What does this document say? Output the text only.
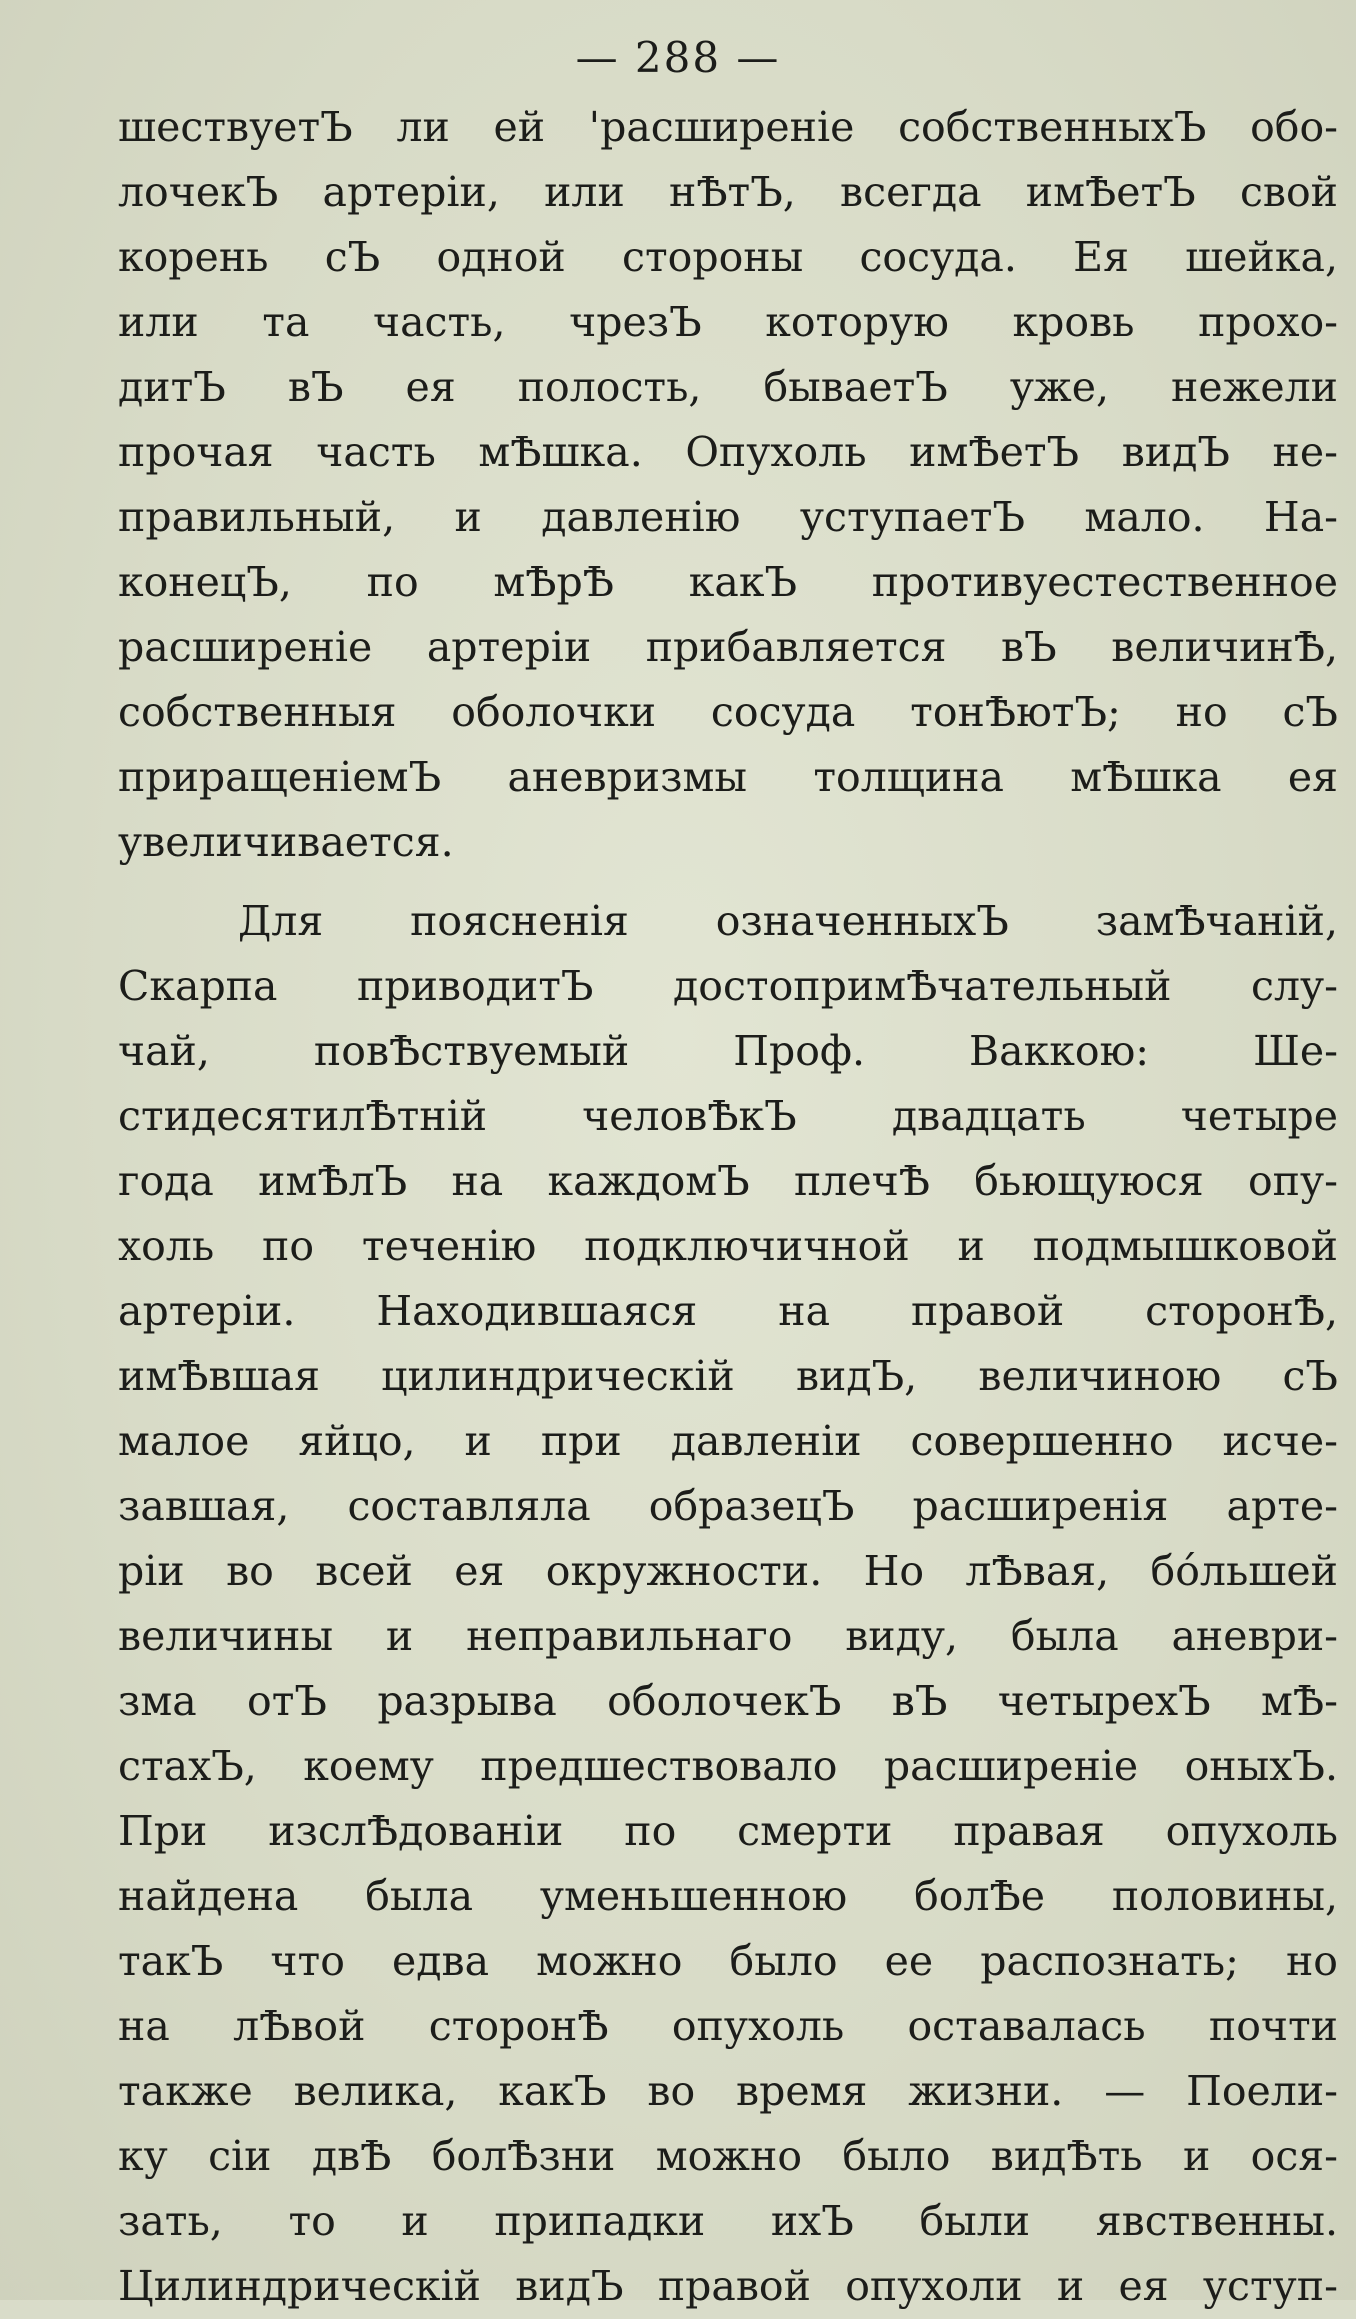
— 288 —
шествуетЪ ли ей 'расширеніе собственныхЪ обо-
лочекЪ артеріи, или нѢтЪ, всегда имѢетЪ свой
корень сЪ одной стороны сосуда. Ея шейка,
или та часть, чрезЪ которую кровь прохо-
дитЪ вЪ ея полость, бываетЪ уже, нежели
прочая часть мѢшка. Опухоль имѢетЪ видЪ не-
правильный, и давленію уступаетЪ мало. На-
конецЪ, по мѢрѢ какЪ противуестественное
расширеніе артеріи прибавляется вЪ величинѢ,
собственныя оболочки сосуда тонѢютЪ; но сЪ
приращеніемЪ аневризмы толщина мѢшка ея
увеличивается.
Для поясненія означенныхЪ замѢчаній,
Скарпа приводитЪ достопримѢчательный слу-
чай, повѢствуемый Проф. Ваккою: Ше-
стидесятилѢтній человѢкЪ двадцать четыре
года имѢлЪ на каждомЪ плечѢ бьющуюся опу-
холь по теченію подключичной и подмышковой
артеріи. Находившаяся на правой сторонѢ,
имѢвшая цилиндрическій видЪ, величиною сЪ
малое яйцо, и при давленіи совершенно исче-
завшая, составляла образецЪ расширенія арте-
ріи во всей ея окружности. Но лѢвая, бо́льшей
величины и неправильнаго виду, была аневри-
зма отЪ разрыва оболочекЪ вЪ четырехЪ мѢ-
стахЪ, коему предшествовало расширеніе оныхЪ.
При изслѢдованіи по смерти правая опухоль
найдена была уменьшенною болѢе половины,
такЪ что едва можно было ее распознать; но
на лѢвой сторонѢ опухоль оставалась почти
также велика, какЪ во время жизни. — Поели-
ку сіи двѢ болѢзни можно было видѢть и ося-
зать, то и припадки ихЪ были явственны.
Цилиндрическій видЪ правой опухоли и ея уступ-
